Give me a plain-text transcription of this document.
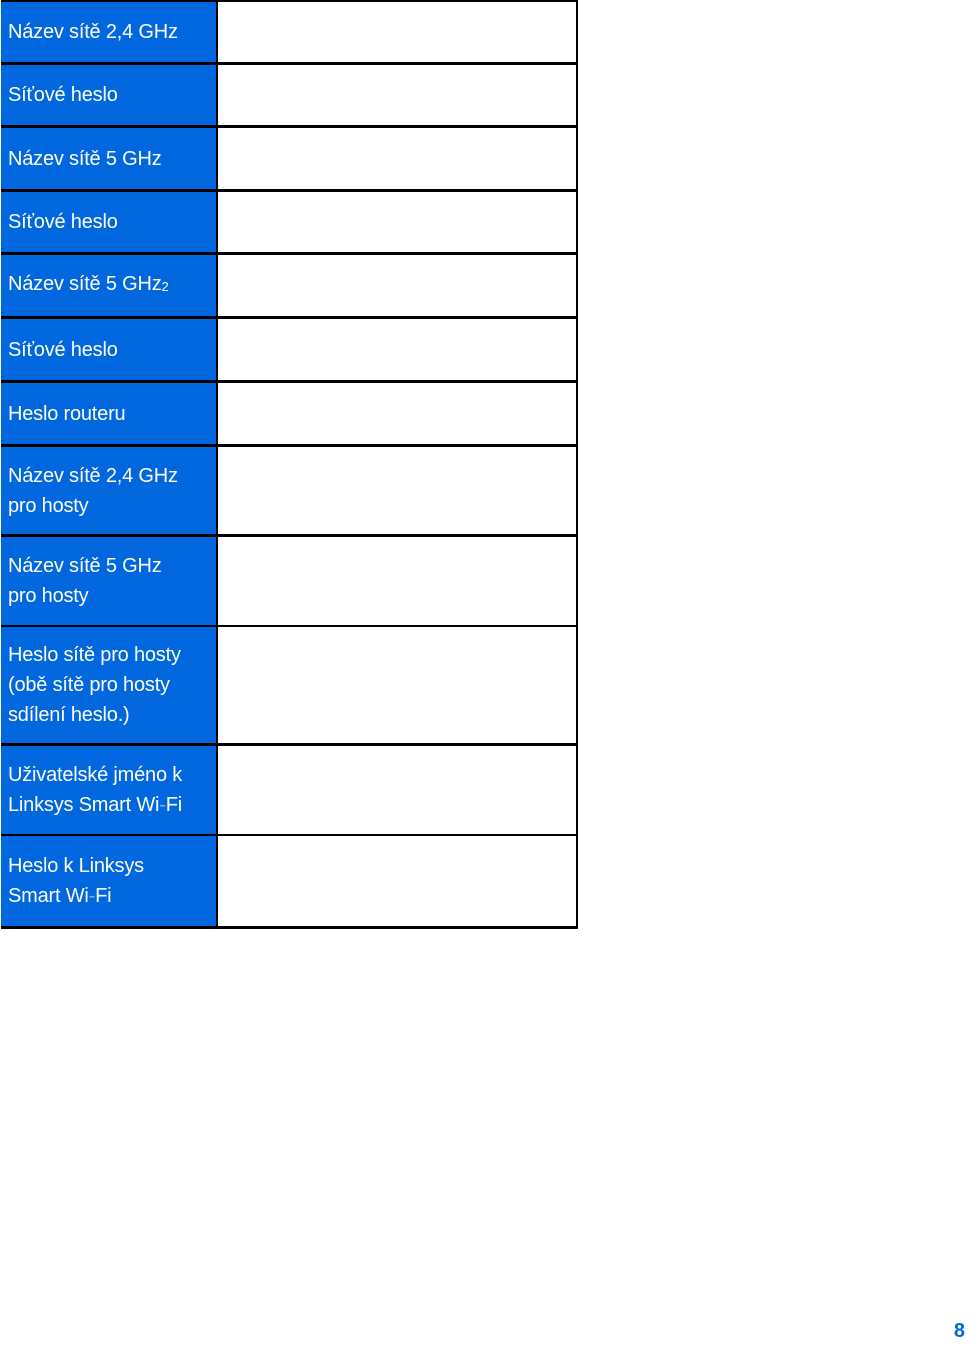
Název sítě 2,4 GHz
Síťové heslo
Název sítě 5 GHz
Síťové heslo
Název sítě 5 GHz$_2$
Síťové heslo
Heslo routeru
Název sítě 2,4 GHz
pro hosty
Název sítě 5 GHz
pro hosty
Heslo sítě pro hosty
(obě sítě pro hosty
sdílení heslo.)
Uživatelské jméno k
Linksys Smart Wi-Fi
Heslo k Linksys
Smart Wi-Fi
8
